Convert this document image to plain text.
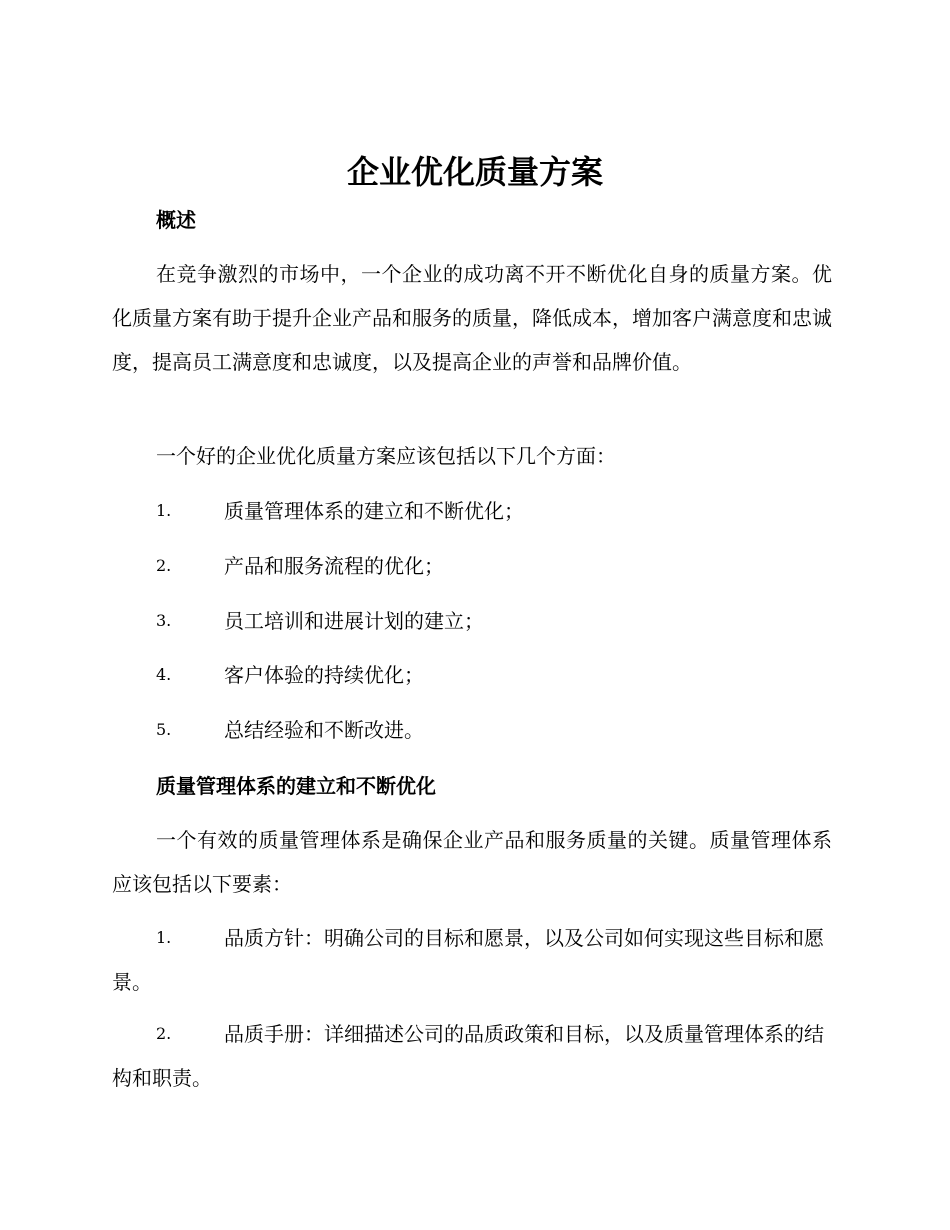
企业优化质量方案
概述

在竞争激烈的市场中，一个企业的成功离不开不断优化自身的质量方案。优化质量方案有助于提升企业产品和服务的质量，降低成本，增加客户满意度和忠诚度，提高员工满意度和忠诚度，以及提高企业的声誉和品牌价值。

一个好的企业优化质量方案应该包括以下几个方面：

1.	质量管理体系的建立和不断优化；
2.	产品和服务流程的优化；
3.	员工培训和进展计划的建立；
4.	客户体验的持续优化；
5.	总结经验和不断改进。
质量管理体系的建立和不断优化

一个有效的质量管理体系是确保企业产品和服务质量的关键。质量管理体系应该包括以下要素：

1.	品质方针：明确公司的目标和愿景，以及公司如何实现这些目标和愿景。
2.	品质手册：详细描述公司的品质政策和目标，以及质量管理体系的结构和职责。
